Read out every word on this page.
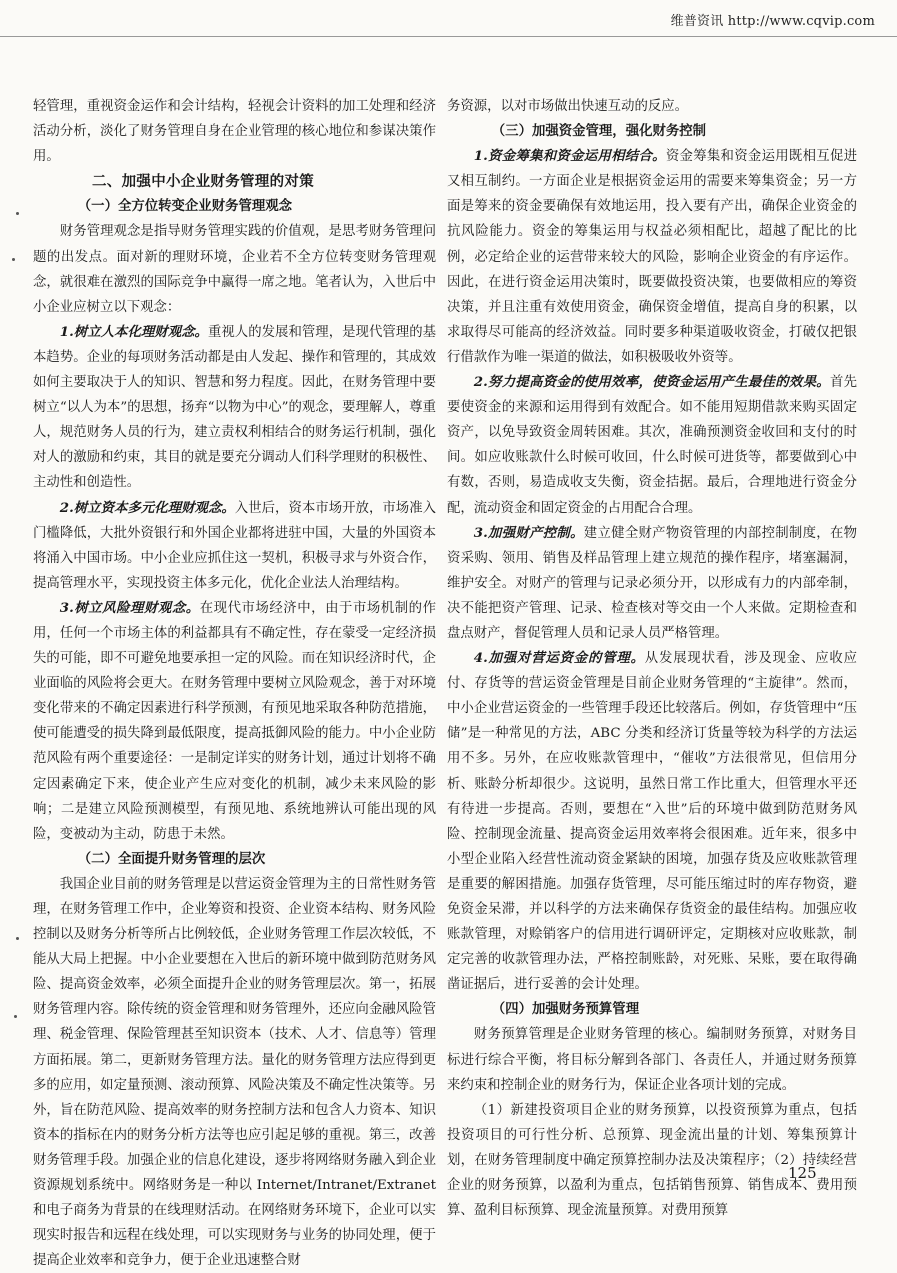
维普资讯 http://www.cqvip.com

轻管理，重视资金运作和会计结构，轻视会计资料的加工处理和经济活动分析，淡化了财务管理自身在企业管理的核心地位和参谋决策作用。

二、加强中小企业财务管理的对策

（一）全方位转变企业财务管理观念

财务管理观念是指导财务管理实践的价值观，是思考财务管理问题的出发点。面对新的理财环境，企业若不全方位转变财务管理观念，就很难在激烈的国际竞争中赢得一席之地。笔者认为，入世后中小企业应树立以下观念：

1.树立人本化理财观念。重视人的发展和管理，是现代管理的基本趋势。企业的每项财务活动都是由人发起、操作和管理的，其成效如何主要取决于人的知识、智慧和努力程度。因此，在财务管理中要树立“以人为本”的思想，扬弃“以物为中心”的观念，要理解人，尊重人，规范财务人员的行为，建立责权利相结合的财务运行机制，强化对人的激励和约束，其目的就是要充分调动人们科学理财的积极性、主动性和创造性。

2.树立资本多元化理财观念。入世后，资本市场开放，市场准入门槛降低，大批外资银行和外国企业都将进驻中国，大量的外国资本将涌入中国市场。中小企业应抓住这一契机，积极寻求与外资合作，提高管理水平，实现投资主体多元化，优化企业法人治理结构。

3.树立风险理财观念。在现代市场经济中，由于市场机制的作用，任何一个市场主体的利益都具有不确定性，存在蒙受一定经济损失的可能，即不可避免地要承担一定的风险。而在知识经济时代，企业面临的风险将会更大。在财务管理中要树立风险观念，善于对环境变化带来的不确定因素进行科学预测，有预见地采取各种防范措施，使可能遭受的损失降到最低限度，提高抵御风险的能力。中小企业防范风险有两个重要途径：一是制定详实的财务计划，通过计划将不确定因素确定下来，使企业产生应对变化的机制，减少未来风险的影响；二是建立风险预测模型，有预见地、系统地辨认可能出现的风险，变被动为主动，防患于未然。

（二）全面提升财务管理的层次

我国企业目前的财务管理是以营运资金管理为主的日常性财务管理，在财务管理工作中，企业筹资和投资、企业资本结构、财务风险控制以及财务分析等所占比例较低，企业财务管理工作层次较低，不能从大局上把握。中小企业要想在入世后的新环境中做到防范财务风险、提高资金效率，必须全面提升企业的财务管理层次。第一，拓展财务管理内容。除传统的资金管理和财务管理外，还应向金融风险管理、税金管理、保险管理甚至知识资本（技术、人才、信息等）管理方面拓展。第二，更新财务管理方法。量化的财务管理方法应得到更多的应用，如定量预测、滚动预算、风险决策及不确定性决策等。另外，旨在防范风险、提高效率的财务控制方法和包含人力资本、知识资本的指标在内的财务分析方法等也应引起足够的重视。第三，改善财务管理手段。加强企业的信息化建设，逐步将网络财务融入到企业资源规划系统中。网络财务是一种以 Internet/Intranet/Extranet 和电子商务为背景的在线理财活动。在网络财务环境下，企业可以实现实时报告和远程在线处理，可以实现财务与业务的协同处理，便于提高企业效率和竞争力，便于企业迅速整合财

务资源，以对市场做出快速互动的反应。

（三）加强资金管理，强化财务控制

1.资金筹集和资金运用相结合。资金筹集和资金运用既相互促进又相互制约。一方面企业是根据资金运用的需要来筹集资金；另一方面是筹来的资金要确保有效地运用，投入要有产出，确保企业资金的抗风险能力。资金的筹集运用与权益必须相配比，超越了配比的比例，必定给企业的运营带来较大的风险，影响企业资金的有序运作。因此，在进行资金运用决策时，既要做投资决策，也要做相应的筹资决策，并且注重有效使用资金，确保资金增值，提高自身的积累，以求取得尽可能高的经济效益。同时要多种渠道吸收资金，打破仅把银行借款作为唯一渠道的做法，如积极吸收外资等。

2.努力提高资金的使用效率，使资金运用产生最佳的效果。首先要使资金的来源和运用得到有效配合。如不能用短期借款来购买固定资产，以免导致资金周转困难。其次，准确预测资金收回和支付的时间。如应收账款什么时候可收回，什么时候可进货等，都要做到心中有数，否则，易造成收支失衡，资金拮据。最后，合理地进行资金分配，流动资金和固定资金的占用配合合理。

3.加强财产控制。建立健全财产物资管理的内部控制制度，在物资采购、领用、销售及样品管理上建立规范的操作程序，堵塞漏洞，维护安全。对财产的管理与记录必须分开，以形成有力的内部牵制，决不能把资产管理、记录、检查核对等交由一个人来做。定期检查和盘点财产，督促管理人员和记录人员严格管理。

4.加强对营运资金的管理。从发展现状看，涉及现金、应收应付、存货等的营运资金管理是目前企业财务管理的“主旋律”。然而，中小企业营运资金的一些管理手段还比较落后。例如，存货管理中“压储”是一种常见的方法，ABC 分类和经济订货量等较为科学的方法运用不多。另外，在应收账款管理中，“催收”方法很常见，但信用分析、账龄分析却很少。这说明，虽然日常工作比重大，但管理水平还有待进一步提高。否则，要想在“入世”后的环境中做到防范财务风险、控制现金流量、提高资金运用效率将会很困难。近年来，很多中小型企业陷入经营性流动资金紧缺的困境，加强存货及应收账款管理是重要的解困措施。加强存货管理，尽可能压缩过时的库存物资，避免资金呆滞，并以科学的方法来确保存货资金的最佳结构。加强应收账款管理，对赊销客户的信用进行调研评定，定期核对应收账款，制定完善的收款管理办法，严格控制账龄，对死账、呆账，要在取得确凿证据后，进行妥善的会计处理。

（四）加强财务预算管理

财务预算管理是企业财务管理的核心。编制财务预算，对财务目标进行综合平衡，将目标分解到各部门、各责任人，并通过财务预算来约束和控制企业的财务行为，保证企业各项计划的完成。

（1）新建投资项目企业的财务预算，以投资预算为重点，包括投资项目的可行性分析、总预算、现金流出量的计划、筹集预算计划，在财务管理制度中确定预算控制办法及决策程序；（2）持续经营企业的财务预算，以盈利为重点，包括销售预算、销售成本、费用预算、盈利目标预算、现金流量预算。对费用预算

125
